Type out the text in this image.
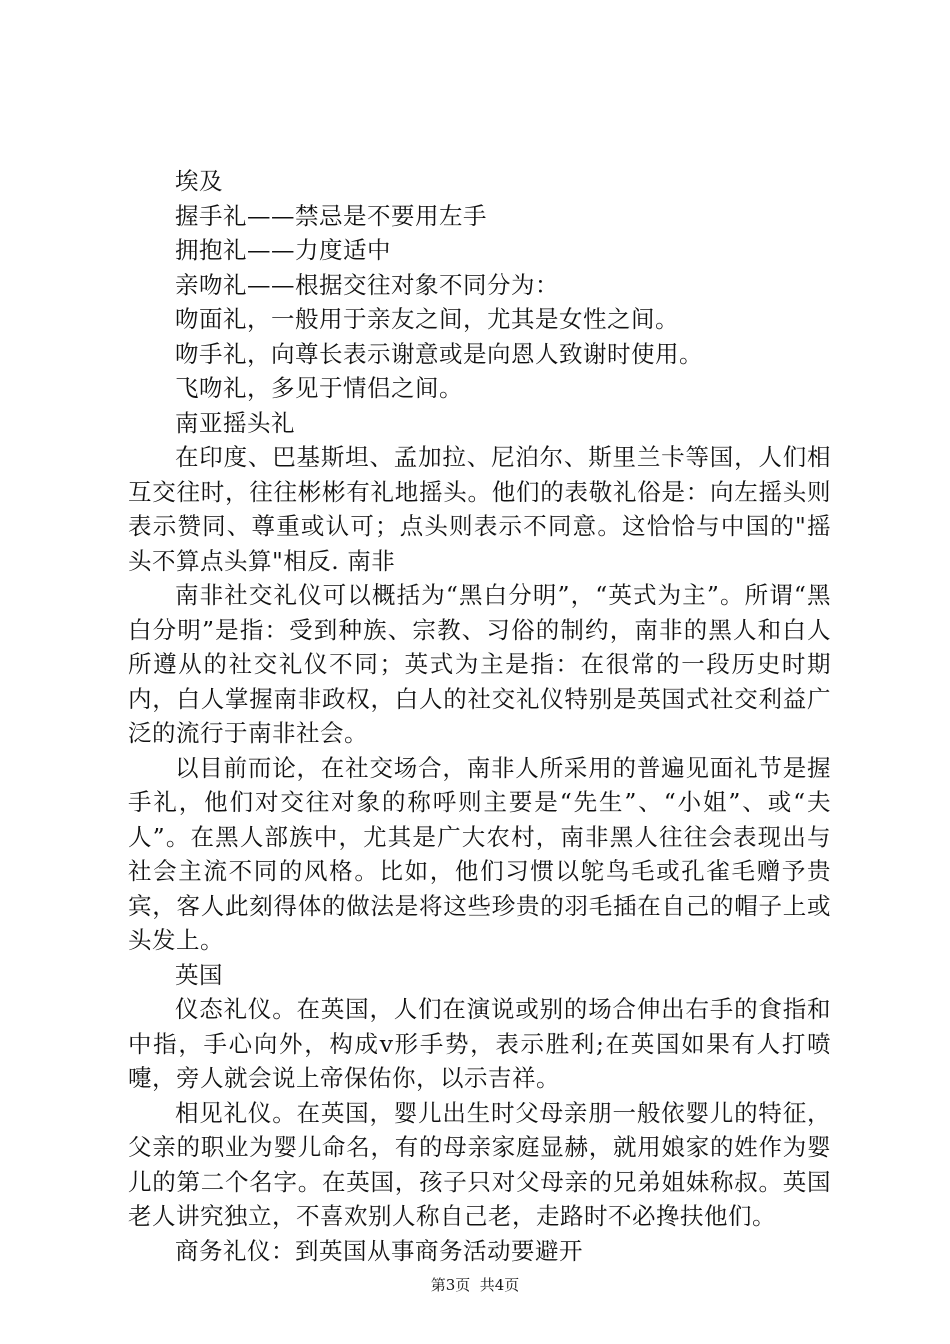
埃及

握手礼——禁忌是不要用左手

拥抱礼——力度适中

亲吻礼——根据交往对象不同分为：

吻面礼，一般用于亲友之间，尤其是女性之间。

吻手礼，向尊长表示谢意或是向恩人致谢时使用。

飞吻礼，多见于情侣之间。

南亚摇头礼

在印度、巴基斯坦、孟加拉、尼泊尔、斯里兰卡等国，人们相互交往时，往往彬彬有礼地摇头。他们的表敬礼俗是：向左摇头则表示赞同、尊重或认可；点头则表示不同意。这恰恰与中国的"摇头不算点头算"相反. 南非

南非社交礼仪可以概括为“黑白分明”，“英式为主”。所谓“黑白分明”是指：受到种族、宗教、习俗的制约，南非的黑人和白人所遵从的社交礼仪不同；英式为主是指：在很常的一段历史时期内，白人掌握南非政权，白人的社交礼仪特别是英国式社交利益广泛的流行于南非社会。

以目前而论，在社交场合，南非人所采用的普遍见面礼节是握手礼，他们对交往对象的称呼则主要是“先生”、“小姐”、或“夫人”。在黑人部族中，尤其是广大农村，南非黑人往往会表现出与社会主流不同的风格。比如，他们习惯以鸵鸟毛或孔雀毛赠予贵宾，客人此刻得体的做法是将这些珍贵的羽毛插在自己的帽子上或头发上。

英国

仪态礼仪。在英国，人们在演说或别的场合伸出右手的食指和中指，手心向外，构成v形手势，表示胜利;在英国如果有人打喷嚏，旁人就会说上帝保佑你，以示吉祥。

相见礼仪。在英国，婴儿出生时父母亲朋一般依婴儿的特征，父亲的职业为婴儿命名，有的母亲家庭显赫，就用娘家的姓作为婴儿的第二个名字。在英国，孩子只对父母亲的兄弟姐妹称叔。英国老人讲究独立，不喜欢别人称自己老，走路时不必搀扶他们。

商务礼仪：到英国从事商务活动要避开

第3页  共4页
